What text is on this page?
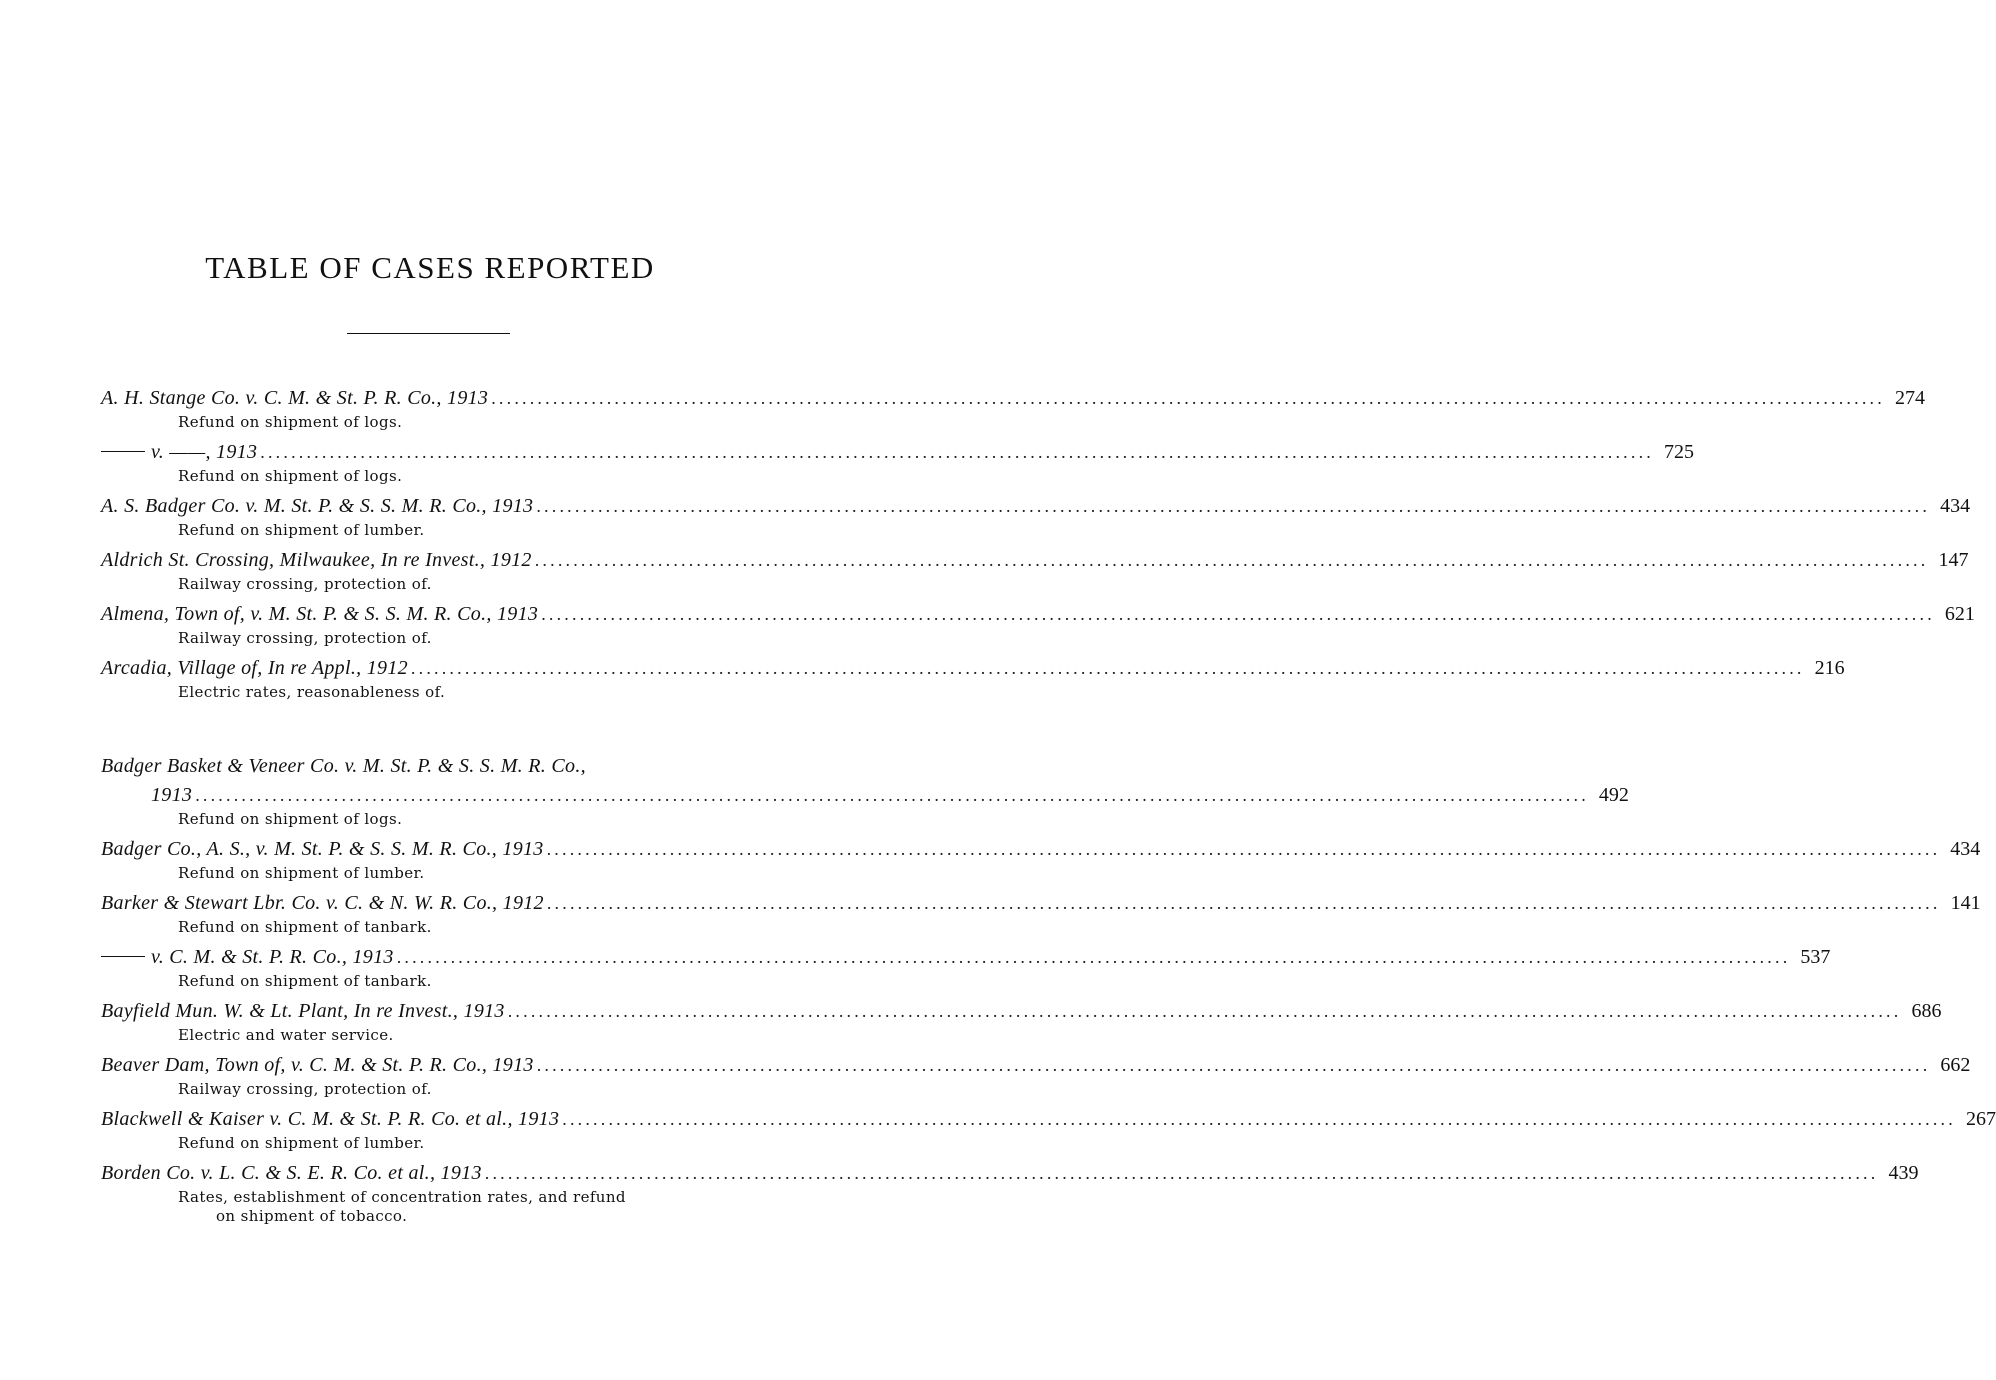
TABLE OF CASES REPORTED
A. H. Stange Co. v. C. M. & St. P. R. Co., 1913 ..................................................................................................................................................................................... 274
Refund on shipment of logs.
v. ——, 1913 ..................................................................................................................................................................................... 725
Refund on shipment of logs.
A. S. Badger Co. v. M. St. P. & S. S. M. R. Co., 1913 ..................................................................................................................................................................................... 434
Refund on shipment of lumber.
Aldrich St. Crossing, Milwaukee, In re Invest., 1912 ..................................................................................................................................................................................... 147
Railway crossing, protection of.
Almena, Town of, v. M. St. P. & S. S. M. R. Co., 1913 ..................................................................................................................................................................................... 621
Railway crossing, protection of.
Arcadia, Village of, In re Appl., 1912 ..................................................................................................................................................................................... 216
Electric rates, reasonableness of.
Badger Basket & Veneer Co. v. M. St. P. & S. S. M. R. Co.,
1913 ..................................................................................................................................................................................... 492
Refund on shipment of logs.
Badger Co., A. S., v. M. St. P. & S. S. M. R. Co., 1913 ..................................................................................................................................................................................... 434
Refund on shipment of lumber.
Barker & Stewart Lbr. Co. v. C. & N. W. R. Co., 1912 ..................................................................................................................................................................................... 141
Refund on shipment of tanbark.
v. C. M. & St. P. R. Co., 1913 ..................................................................................................................................................................................... 537
Refund on shipment of tanbark.
Bayfield Mun. W. & Lt. Plant, In re Invest., 1913 ..................................................................................................................................................................................... 686
Electric and water service.
Beaver Dam, Town of, v. C. M. & St. P. R. Co., 1913 ..................................................................................................................................................................................... 662
Railway crossing, protection of.
Blackwell & Kaiser v. C. M. & St. P. R. Co. et al., 1913 ..................................................................................................................................................................................... 267
Refund on shipment of lumber.
Borden Co. v. L. C. & S. E. R. Co. et al., 1913 ..................................................................................................................................................................................... 439
Rates, establishment of concentration rates, and refund
on shipment of tobacco.
